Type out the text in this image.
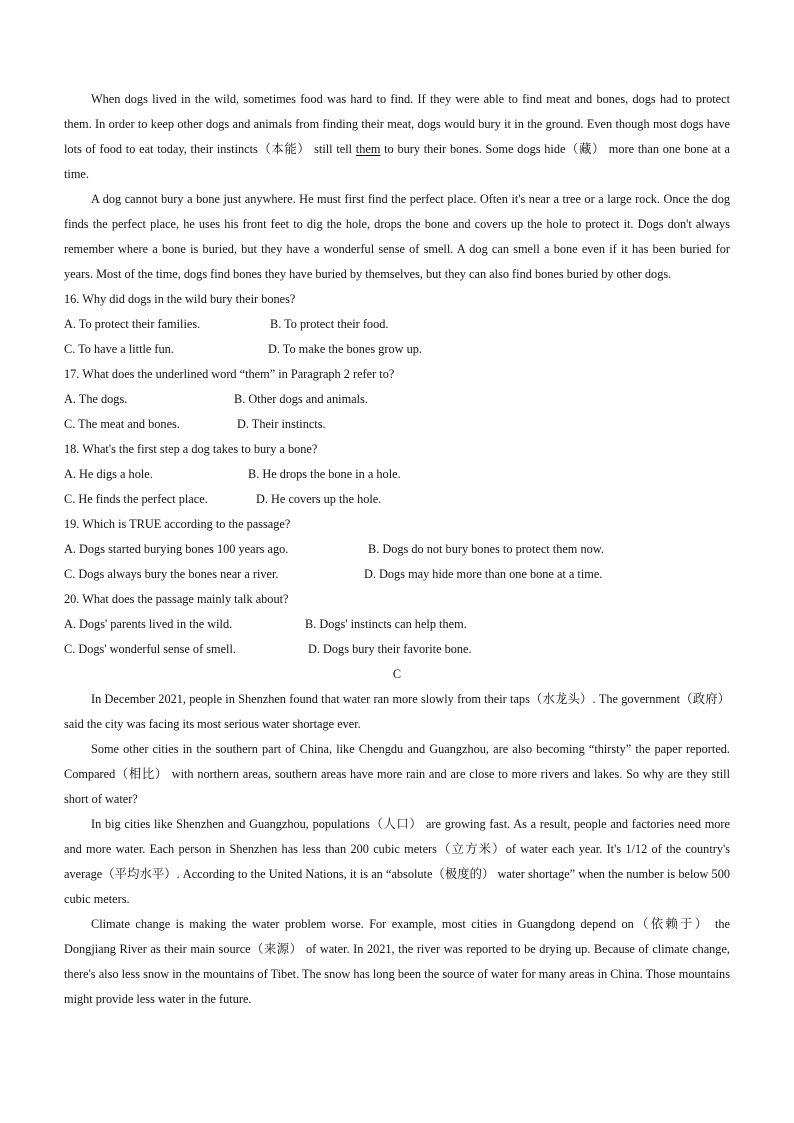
When dogs lived in the wild, sometimes food was hard to find. If they were able to find meat and bones, dogs had to protect them. In order to keep other dogs and animals from finding their meat, dogs would bury it in the ground. Even though most dogs have lots of food to eat today, their instincts（本能） still tell them to bury their bones. Some dogs hide（藏） more than one bone at a time.

A dog cannot bury a bone just anywhere. He must first find the perfect place. Often it's near a tree or a large rock. Once the dog finds the perfect place, he uses his front feet to dig the hole, drops the bone and covers up the hole to protect it. Dogs don't always remember where a bone is buried, but they have a wonderful sense of smell. A dog can smell a bone even if it has been buried for years. Most of the time, dogs find bones they have buried by themselves, but they can also find bones buried by other dogs.

16. Why did dogs in the wild bury their bones?
A. To protect their families.	B. To protect their food.
C. To have a little fun.	D. To make the bones grow up.
17. What does the underlined word “them” in Paragraph 2 refer to?
A. The dogs.	B. Other dogs and animals.
C. The meat and bones.	D. Their instincts.
18. What's the first step a dog takes to bury a bone?
A. He digs a hole.	B. He drops the bone in a hole.
C. He finds the perfect place.	D. He covers up the hole.
19. Which is TRUE according to the passage?
A. Dogs started burying bones 100 years ago.	B. Dogs do not bury bones to protect them now.
C. Dogs always bury the bones near a river.	D. Dogs may hide more than one bone at a time.
20. What does the passage mainly talk about?
A. Dogs' parents lived in the wild.	B. Dogs' instincts can help them.
C. Dogs' wonderful sense of smell.	D. Dogs bury their favorite bone.

C

In December 2021, people in Shenzhen found that water ran more slowly from their taps（水龙头）. The government（政府） said the city was facing its most serious water shortage ever.

Some other cities in the southern part of China, like Chengdu and Guangzhou, are also becoming “thirsty” the paper reported. Compared（相比） with northern areas, southern areas have more rain and are close to more rivers and lakes. So why are they still short of water?

In big cities like Shenzhen and Guangzhou, populations（人口） are growing fast. As a result, people and factories need more and more water. Each person in Shenzhen has less than 200 cubic meters（立方米）of water each year. It's 1/12 of the country's average（平均水平）. According to the United Nations, it is an “absolute（极度的） water shortage” when the number is below 500 cubic meters.

Climate change is making the water problem worse. For example, most cities in Guangdong depend on（依赖于） the Dongjiang River as their main source（来源） of water. In 2021, the river was reported to be drying up. Because of climate change, there's also less snow in the mountains of Tibet. The snow has long been the source of water for many areas in China. Those mountains might provide less water in the future.
